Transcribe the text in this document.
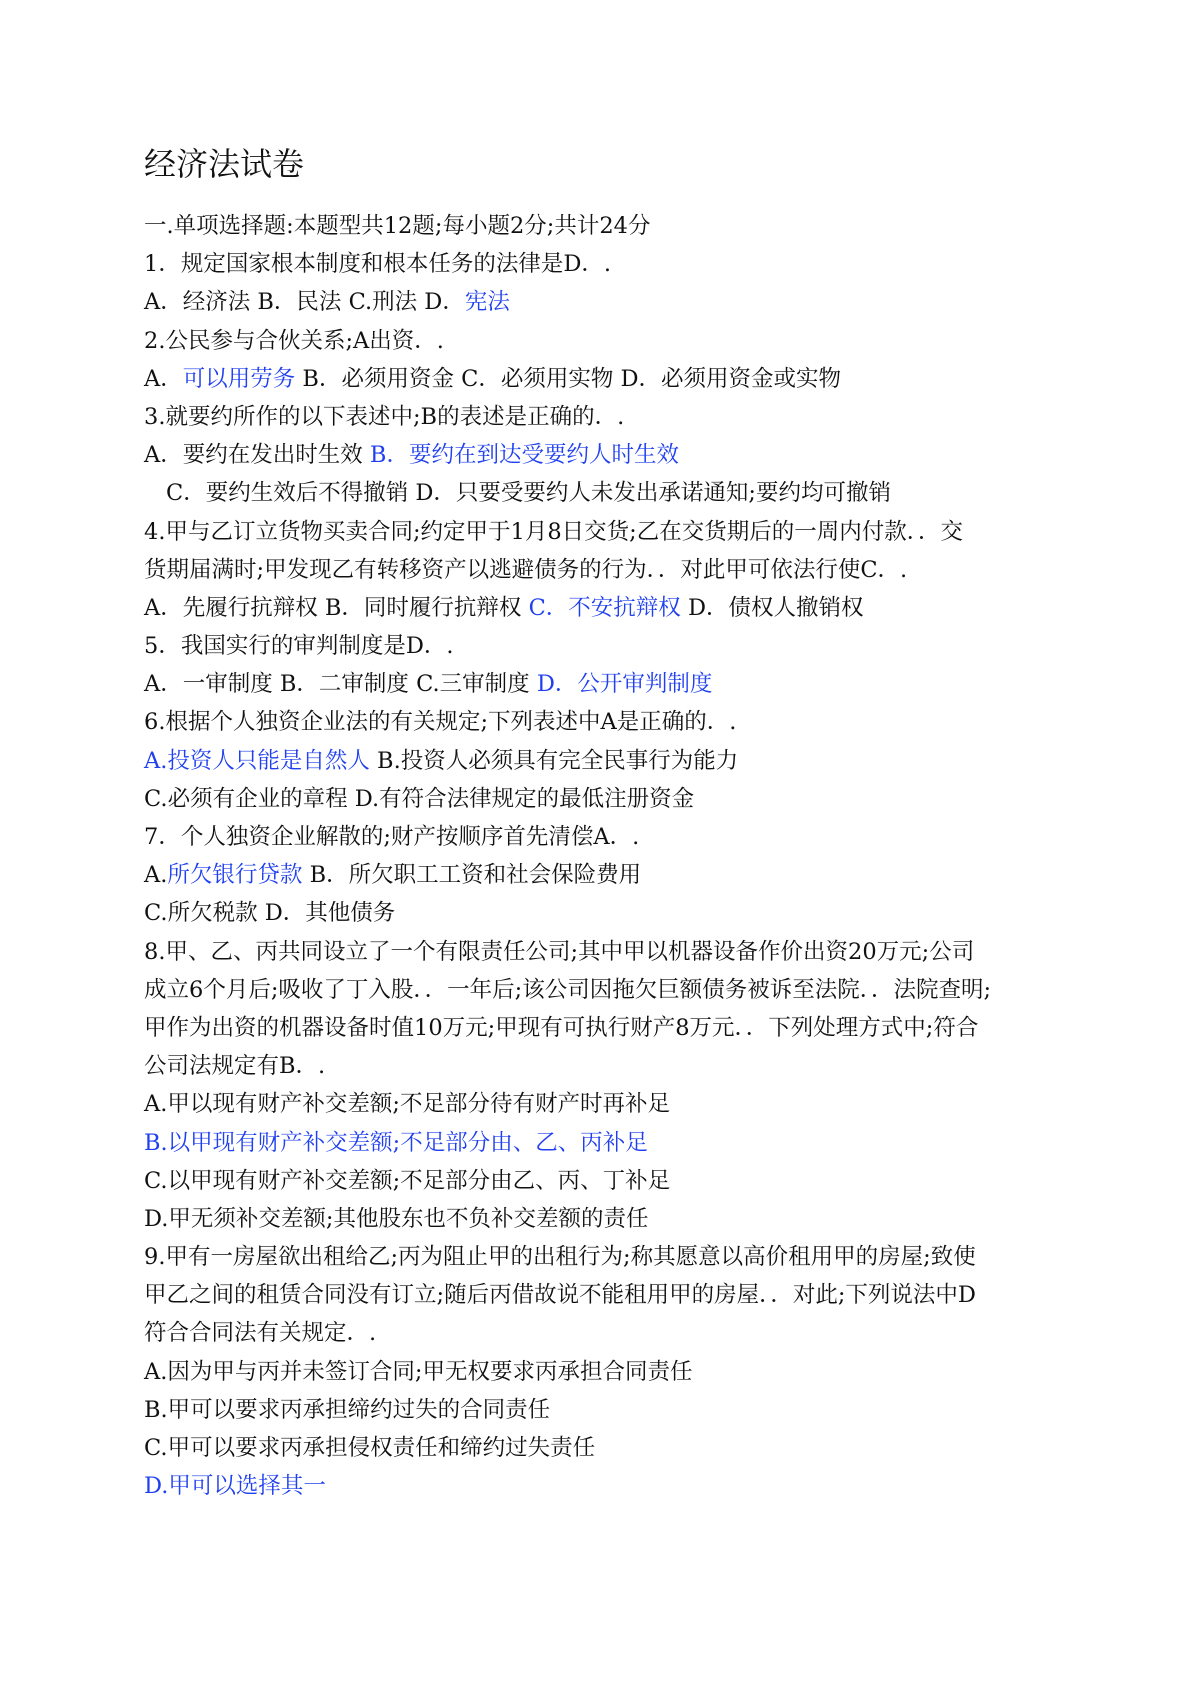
经济法试卷
一.单项选择题:本题型共12题;每小题2分;共计24分
1．规定国家根本制度和根本任务的法律是D．.
A．经济法 B．民法 C.刑法 D．宪法
2.公民参与合伙关系;A出资．.
A．可以用劳务 B．必须用资金 C．必须用实物 D．必须用资金或实物
3.就要约所作的以下表述中;B的表述是正确的．.
A．要约在发出时生效 B．要约在到达受要约人时生效
C．要约生效后不得撤销 D．只要受要约人未发出承诺通知;要约均可撤销
4.甲与乙订立货物买卖合同;约定甲于1月8日交货;乙在交货期后的一周内付款．．交
货期届满时;甲发现乙有转移资产以逃避债务的行为．．对此甲可依法行使C．.
A．先履行抗辩权 B．同时履行抗辩权 C．不安抗辩权 D．债权人撤销权
5．我国实行的审判制度是D．.
A．一审制度 B．二审制度 C.三审制度 D．公开审判制度
6.根据个人独资企业法的有关规定;下列表述中A是正确的．.
A.投资人只能是自然人 B.投资人必须具有完全民事行为能力
C.必须有企业的章程 D.有符合法律规定的最低注册资金
7．个人独资企业解散的;财产按顺序首先清偿A．.
A.所欠银行贷款 B．所欠职工工资和社会保险费用
C.所欠税款 D．其他债务
8.甲、乙、丙共同设立了一个有限责任公司;其中甲以机器设备作价出资20万元;公司
成立6个月后;吸收了丁入股．．一年后;该公司因拖欠巨额债务被诉至法院．．法院查明;
甲作为出资的机器设备时值10万元;甲现有可执行财产8万元．．下列处理方式中;符合
公司法规定有B．.
A.甲以现有财产补交差额;不足部分待有财产时再补足
B.以甲现有财产补交差额;不足部分由、乙、丙补足
C.以甲现有财产补交差额;不足部分由乙、丙、丁补足
D.甲无须补交差额;其他股东也不负补交差额的责任
9.甲有一房屋欲出租给乙;丙为阻止甲的出租行为;称其愿意以高价租用甲的房屋;致使
甲乙之间的租赁合同没有订立;随后丙借故说不能租用甲的房屋．．对此;下列说法中D
符合合同法有关规定．.
A.因为甲与丙并未签订合同;甲无权要求丙承担合同责任
B.甲可以要求丙承担缔约过失的合同责任
C.甲可以要求丙承担侵权责任和缔约过失责任
D.甲可以选择其一
